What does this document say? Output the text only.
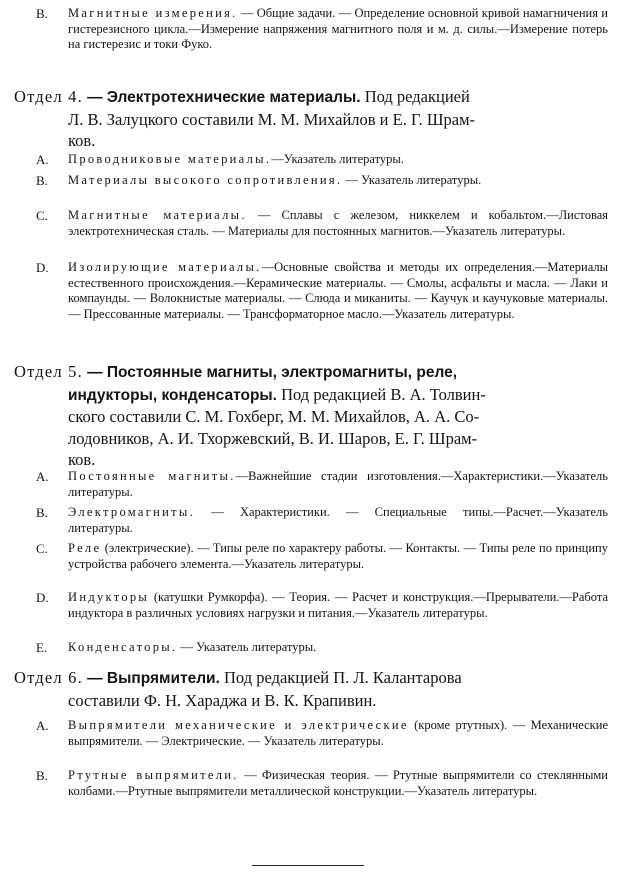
B.	Магнитные измерения. — Общие задачи. — Определение основной кривой намагничения и гистерезисного цикла.—Измерение напряжения магнитного поля и м. д. силы.—Измерение потерь на гистерезис и токи Фуко.
Отдел 4. — Электротехнические материалы. Под редакцией
Л. В. Залуцкого составили М. М. Михайлов и Е. Г. Шрам-
ков.
A.	Проводниковые материалы.—Указатель литературы.
B.	Материалы высокого сопротивления. — Указатель литературы.
C.	Магнитные материалы. — Сплавы с железом, никкелем и кобальтом.—Листовая электротехническая сталь. — Материалы для постоянных магнитов.—Указатель литературы.
D.	Изолирующие материалы.—Основные свойства и методы их определения.—Материалы естественного происхождения.—Керамические материалы. — Смолы, асфальты и масла. — Лаки и компаунды. — Волокнистые материалы. — Слюда и миканиты. — Каучук и каучуковые материалы. — Прессованные материалы. — Трансформаторное масло.—Указатель литературы.
Отдел 5. — Постоянные магниты, электромагниты, реле,
индукторы, конденсаторы. Под редакцией В. А. Толвин-
ского составили С. М. Гохберг, М. М. Михайлов, А. А. Со-
лодовников, А. И. Тхоржевский, В. И. Шаров, Е. Г. Шрам-
ков.
A.	Постоянные магниты.—Важнейшие стадии изготовления.—Характеристики.—Указатель литературы.
B.	Электромагниты. — Характеристики. — Специальные типы.—Расчет.—Указатель литературы.
C.	Реле (электрические). — Типы реле по характеру работы. — Контакты. — Типы реле по принципу устройства рабочего элемента.—Указатель литературы.
D.	Индукторы (катушки Румкорфа). — Теория. — Расчет и конструкция.—Прерыватели.—Работа индуктора в различных условиях нагрузки и питания.—Указатель литературы.
E.	Конденсаторы. — Указатель литературы.
Отдел 6. — Выпрямители. Под редакцией П. Л. Калантарова
составили Ф. Н. Хараджа и В. К. Крапивин.
A.	Выпрямители механические и электрические (кроме ртутных). — Механические выпрямители. — Электрические. — Указатель литературы.
B.	Ртутные выпрямители. — Физическая теория. — Ртутные выпрямители со стеклянными колбами.—Ртутные выпрямители металлической конструкции.—Указатель литературы.
